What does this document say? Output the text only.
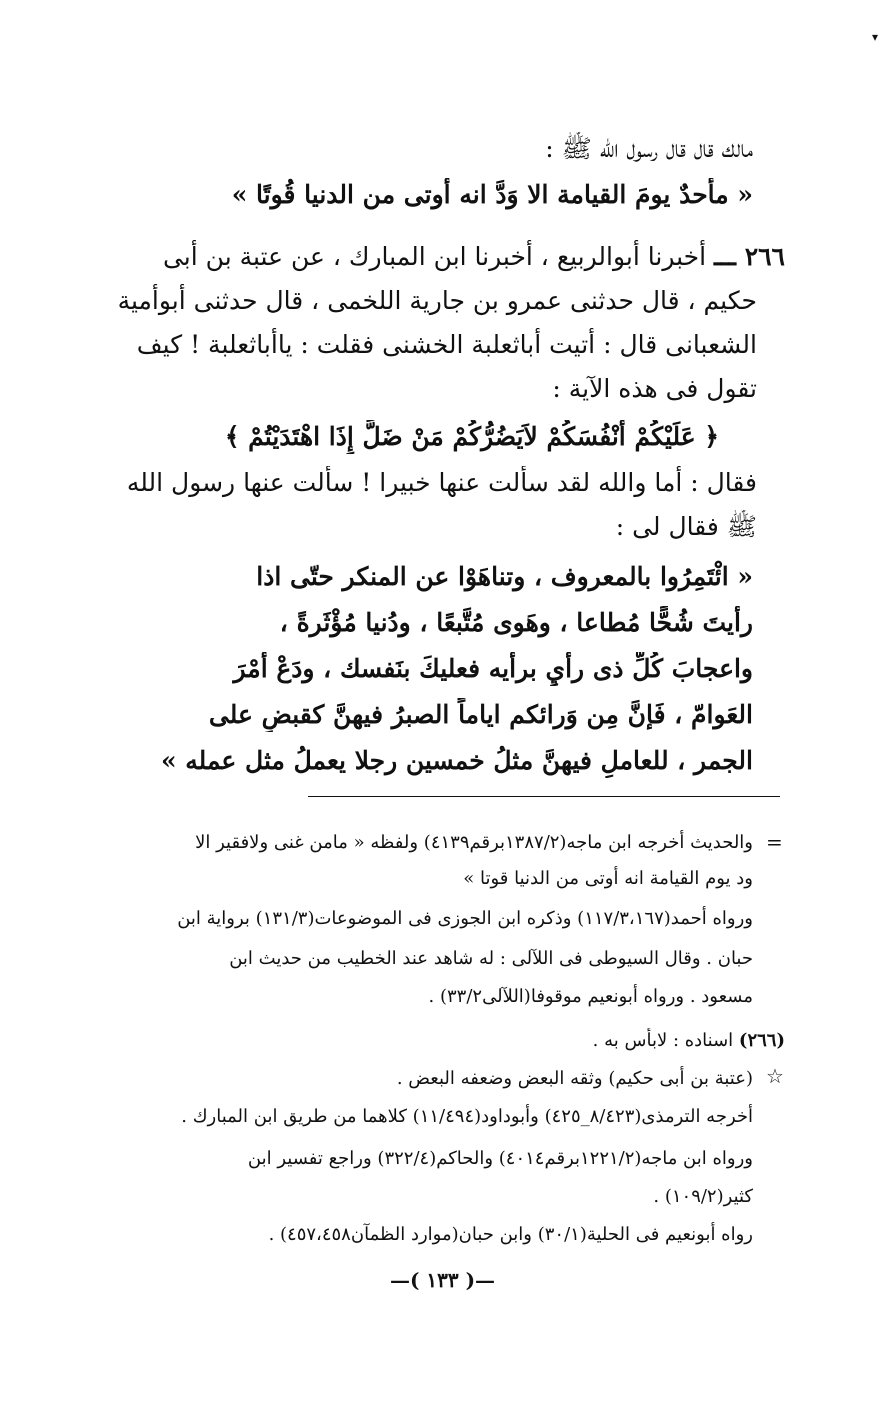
▾
مالك قال قال رسول الله ﷺ :
« مأحدٌ يومَ القيامة الا وَدَّ انه أُوتى من الدنيا قُوتًا »
٢٦٦ ـــ أخبرنا أبوالربيع ، أخبرنا ابن المبارك ، عن عتبة بن أبى
حكيم ، قال حدثنى عمرو بن جارية اللخمى ، قال حدثنى أبوأمية
الشعبانى قال : أتيت أباثعلبة الخشنى فقلت : ياأباثعلبة ! كيف
تقول فى هذه الآية :
﴿ عَلَيْكُمْ أَنْفُسَكُمْ لاَيَضُرُّكُمْ مَنْ ضَلَّ إِذَا اهْتَدَيْتُمْ ﴾
فقال : أما والله لقد سألت عنها خبيرا ! سألت عنها رسول الله
ﷺ فقال لى :
« ائْتَمِرُوا بالمعروف ، وتناهَوْا عن المنكر حتّى اذا
رأيتَ شُحًّا مُطاعا ، وهَوى مُتَّبعًا ، ودُنيا مُؤْثَرةً ،
واعجابَ كُلِّ ذى رأيٍ برأيه فعليكَ بنَفسك ، ودَعْ أَمْرَ
العَوامّ ، فَإنَّ مِن وَرائكم اياماً الصبرُ فيهنَّ كقبضٍ على
الجمر ، للعاملِ فيهنَّ مثلُ خمسين رجلا يعملُ مثل عمله »
=
والحديث أخرجه ابن ماجه(١٣٨٧/٢برقم٤١٣٩) ولفظه « مامن غنى ولافقير الا
ود يوم القيامة انه أوتى من الدنيا قوتا »
ورواه أحمد(١١٧/٣،١٦٧) وذكره ابن الجوزى فى الموضوعات(١٣١/٣) برواية ابن
حبان . وقال السيوطى فى اللآلى : له شاهد عند الخطيب من حديث ابن
مسعود . ورواه أبونعيم موقوفا(اللآلى٣٣/٢) .
(٢٦٦) اسناده : لابأس به .
☆
(عتبة بن أبى حكيم) وثقه البعض وضعفه البعض .
أخرجه الترمذى(٨/٤٢٣_٤٢٥) وأبوداود(١١/٤٩٤) كلاهما من طريق ابن المبارك .
ورواه ابن ماجه(١٢٢١/٢برقم٤٠١٤) والحاكم(٣٢٢/٤) وراجع تفسير ابن
كثير(١٠٩/٢) .
رواه أبونعيم فى الحلية(٣٠/١) وابن حبان(موارد الظمآن٤٥٧،٤٥٨) .
—( ١٣٣ )—
